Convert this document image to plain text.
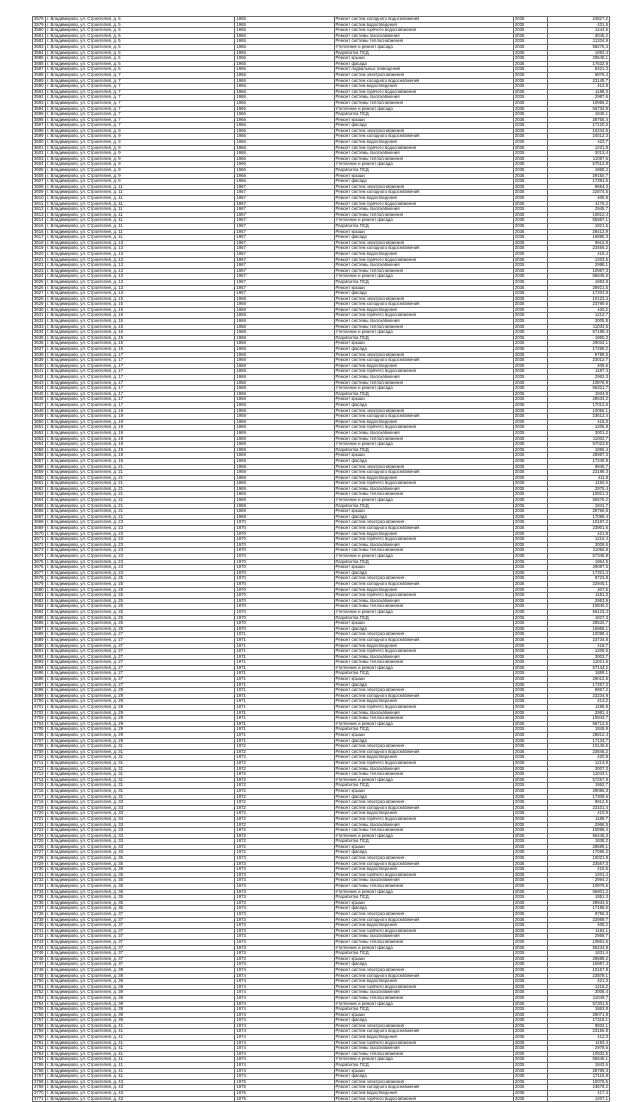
3578	г. Владимирово, ул. Строителей, д. 5	1965	Ремонт систем холодного водоснабжения	2035	24827,2
3579	г. Владимирово, ул. Строителей, д. 5	1965	Ремонт систем водоотведения	2035	431,5
3580	г. Владимирово, ул. Строителей, д. 5	1965	Ремонт систем горячего водоснабжения	2035	1244,5
3581	г. Владимирово, ул. Строителей, д. 5	1965	Ремонт системы газоснабжения	2035	3045,2
3582	г. Владимирово, ул. Строителей, д. 5	1965	Ремонт системы теплоснабжения	2035	11204,8
3583	г. Владимирово, ул. Строителей, д. 5	1965	Утепление и ремонт фасада	2035	58276,3
3584	г. Владимирово, ул. Строителей, д. 5	1965	Разработка ПСД	2035	1892,4
3585	г. Владимирово, ул. Строителей, д. 5	1965	Ремонт крыши	2035	29548,1
3586	г. Владимирово, ул. Строителей, д. 5	1965	Ремонт фасада	2035	17632,9
3587	г. Владимирово, ул. Строителей, д. 5	1965	Ремонт подвальных помещений	2035	5421,3
3588	г. Владимирово, ул. Строителей, д. 7	1966	Ремонт систем электроснабжения	2035	9876,4
3589	г. Владимирово, ул. Строителей, д. 7	1966	Ремонт систем холодного водоснабжения	2035	23145,7
3590	г. Владимирово, ул. Строителей, д. 7	1966	Ремонт систем водоотведения	2035	412,8
3591	г. Владимирово, ул. Строителей, д. 7	1966	Ремонт систем горячего водоснабжения	2035	1198,3
3592	г. Владимирово, ул. Строителей, д. 7	1966	Ремонт системы газоснабжения	2035	2987,6
3593	г. Владимирово, ул. Строителей, д. 7	1966	Ремонт системы теплоснабжения	2035	10956,2
3594	г. Владимирово, ул. Строителей, д. 7	1966	Утепление и ремонт фасада	2035	56734,9
3595	г. Владимирово, ул. Строителей, д. 7	1966	Разработка ПСД	2035	1845,1
3596	г. Владимирово, ул. Строителей, д. 7	1966	Ремонт крыши	2035	28765,4
3597	г. Владимирово, ул. Строителей, д. 7	1966	Ремонт фасада	2035	17120,5
3598	г. Владимирово, ул. Строителей, д. 9	1966	Ремонт систем электроснабжения	2035	10234,6
3599	г. Владимирово, ул. Строителей, д. 9	1966	Ремонт систем холодного водоснабжения	2035	24012,3
3600	г. Владимирово, ул. Строителей, д. 9	1966	Ремонт систем водоотведения	2035	423,7
3601	г. Владимирово, ул. Строителей, д. 9	1966	Ремонт систем горячего водоснабжения	2035	1221,9
3602	г. Владимирово, ул. Строителей, д. 9	1966	Ремонт системы газоснабжения	2035	3012,4
3603	г. Владимирово, ул. Строителей, д. 9	1966	Ремонт системы теплоснабжения	2035	11087,6
3604	г. Владимирово, ул. Строителей, д. 9	1966	Утепление и ремонт фасада	2035	57512,8
3605	г. Владимирово, ул. Строителей, д. 9	1966	Разработка ПСД	2035	1868,2
3606	г. Владимирово, ул. Строителей, д. 9	1966	Ремонт крыши	2035	29150,7
3607	г. Владимирово, ул. Строителей, д. 9	1966	Ремонт фасада	2035	17381,6
3608	г. Владимирово, ул. Строителей, д. 11	1967	Ремонт систем электроснабжения	2035	9654,3
3609	г. Владимирово, ул. Строителей, д. 11	1967	Ремонт систем холодного водоснабжения	2035	22874,5
3610	г. Владимирово, ул. Строителей, д. 11	1967	Ремонт систем водоотведения	2035	405,9
3611	г. Владимирово, ул. Строителей, д. 11	1967	Ремонт систем горячего водоснабжения	2035	1176,2
3612	г. Владимирово, ул. Строителей, д. 11	1967	Ремонт системы газоснабжения	2035	2945,7
3613	г. Владимирово, ул. Строителей, д. 11	1967	Ремонт системы теплоснабжения	2035	10812,4
3614	г. Владимирово, ул. Строителей, д. 11	1967	Утепление и ремонт фасада	2035	55987,1
3615	г. Владимирово, ул. Строителей, д. 11	1967	Разработка ПСД	2035	1821,6
3616	г. Владимирово, ул. Строителей, д. 11	1967	Ремонт крыши	2035	28412,9
3617	г. Владимирово, ул. Строителей, д. 11	1967	Ремонт фасада	2035	16895,3
3618	г. Владимирово, ул. Строителей, д. 13	1967	Ремонт систем электроснабжения	2035	9912,8
3619	г. Владимирово, ул. Строителей, д. 13	1967	Ремонт систем холодного водоснабжения	2035	23456,2
3620	г. Владимирово, ул. Строителей, д. 13	1967	Ремонт систем водоотведения	2035	418,4
3621	г. Владимирово, ул. Строителей, д. 13	1967	Ремонт систем горячего водоснабжения	2035	1203,6
3622	г. Владимирово, ул. Строителей, д. 13	1967	Ремонт системы газоснабжения	2035	2998,1
3623	г. Владимирово, ул. Строителей, д. 13	1967	Ремонт системы теплоснабжения	2035	10987,3
3624	г. Владимирово, ул. Строителей, д. 13	1967	Утепление и ремонт фасада	2035	56845,6
3625	г. Владимирово, ул. Строителей, д. 13	1967	Разработка ПСД	2035	1853,9
3626	г. Владимирово, ул. Строителей, д. 13	1967	Ремонт крыши	2035	28921,5
3627	г. Владимирово, ул. Строителей, д. 13	1967	Ремонт фасада	2035	17204,8
3628	г. Владимирово, ул. Строителей, д. 15	1968	Ремонт систем электроснабжения	2035	10123,4
3629	г. Владимирово, ул. Строителей, д. 15	1968	Ремонт систем холодного водоснабжения	2035	23789,6
3630	г. Владимирово, ул. Строителей, д. 15	1968	Ремонт систем водоотведения	2035	420,2
3631	г. Владимирово, ул. Строителей, д. 15	1968	Ремонт систем горячего водоснабжения	2035	1212,7
3632	г. Владимирово, ул. Строителей, д. 15	1968	Ремонт системы газоснабжения	2035	3005,8
3633	г. Владимирово, ул. Строителей, д. 15	1968	Ремонт системы теплоснабжения	2035	11034,5
3634	г. Владимирово, ул. Строителей, д. 15	1968	Утепление и ремонт фасада	2035	57198,4
3635	г. Владимирово, ул. Строителей, д. 15	1968	Разработка ПСД	2035	1860,3
3636	г. Владимирово, ул. Строителей, д. 15	1968	Ремонт крыши	2035	29034,1
3637	г. Владимирово, ул. Строителей, д. 15	1968	Ремонт фасада	2035	17298,2
3638	г. Владимирово, ул. Строителей, д. 17	1968	Ремонт систем электроснабжения	2035	9789,5
3639	г. Владимирово, ул. Строителей, д. 17	1968	Ремонт систем холодного водоснабжения	2035	23012,7
3640	г. Владимирово, ул. Строителей, д. 17	1968	Ремонт систем водоотведения	2035	409,6
3641	г. Владимирово, ул. Строителей, д. 17	1968	Ремонт систем горячего водоснабжения	2035	1187,4
3642	г. Владимирово, ул. Строителей, д. 17	1968	Ремонт системы газоснабжения	2035	2962,3
3643	г. Владимирово, ул. Строителей, д. 17	1968	Ремонт системы теплоснабжения	2035	10876,9
3644	г. Владимирово, ул. Строителей, д. 17	1968	Утепление и ремонт фасада	2035	56321,7
3645	г. Владимирово, ул. Строителей, д. 17	1968	Разработка ПСД	2035	1834,8
3646	г. Владимирово, ул. Строителей, д. 17	1968	Ремонт крыши	2035	28634,2
3647	г. Владимирово, ул. Строителей, д. 17	1968	Ремонт фасада	2035	17012,6
3648	г. Владимирово, ул. Строителей, д. 19	1969	Ремонт систем электроснабжения	2035	10056,1
3649	г. Владимирово, ул. Строителей, д. 19	1969	Ремонт систем холодного водоснабжения	2035	23612,4
3650	г. Владимирово, ул. Строителей, д. 19	1969	Ремонт систем водоотведения	2035	416,3
3651	г. Владимирово, ул. Строителей, д. 19	1969	Ремонт систем горячего водоснабжения	2035	1205,8
3652	г. Владимирово, ул. Строителей, д. 19	1969	Ремонт системы газоснабжения	2035	3001,2
3653	г. Владимирово, ул. Строителей, д. 19	1969	Ремонт системы теплоснабжения	2035	11002,7
3654	г. Владимирово, ул. Строителей, д. 19	1969	Утепление и ремонт фасада	2035	57023,5
3655	г. Владимирово, ул. Строителей, д. 19	1969	Разработка ПСД	2035	1856,4
3656	г. Владимирово, ул. Строителей, д. 19	1969	Ремонт крыши	2035	28987,3
3657	г. Владимирово, ул. Строителей, д. 19	1969	Ремонт фасада	2035	17245,9
3658	г. Владимирово, ул. Строителей, д. 21	1969	Ремонт систем электроснабжения	2035	9845,7
3659	г. Владимирово, ул. Строителей, д. 21	1969	Ремонт систем холодного водоснабжения	2035	23198,3
3660	г. Владимирово, ул. Строителей, д. 21	1969	Ремонт систем водоотведения	2035	411,8
3661	г. Владимирово, ул. Строителей, д. 21	1969	Ремонт систем горячего водоснабжения	2035	1192,6
3662	г. Владимирово, ул. Строителей, д. 21	1969	Ремонт системы газоснабжения	2035	2975,4
3663	г. Владимирово, ул. Строителей, д. 21	1969	Ремонт системы теплоснабжения	2035	10921,3
3664	г. Владимирово, ул. Строителей, д. 21	1969	Утепление и ремонт фасада	2035	56578,2
3665	г. Владимирово, ул. Строителей, д. 21	1969	Разработка ПСД	2035	1841,7
3666	г. Владимирово, ул. Строителей, д. 21	1969	Ремонт крыши	2035	28756,8
3667	г. Владимирово, ул. Строителей, д. 21	1969	Ремонт фасада	2035	17098,4
3668	г. Владимирово, ул. Строителей, д. 23	1970	Ремонт систем электроснабжения	2035	10187,2
3669	г. Владимирово, ул. Строителей, д. 23	1970	Ремонт систем холодного водоснабжения	2035	23901,6
3670	г. Владимирово, ул. Строителей, д. 23	1970	Ремонт систем водоотведения	2035	421,9
3671	г. Владимирово, ул. Строителей, д. 23	1970	Ремонт систем горячего водоснабжения	2035	1216,4
3672	г. Владимирово, ул. Строителей, д. 23	1970	Ремонт системы газоснабжения	2035	3009,6
3673	г. Владимирово, ул. Строителей, д. 23	1970	Ремонт системы теплоснабжения	2035	11056,8
3674	г. Владимирово, ул. Строителей, д. 23	1970	Утепление и ремонт фасада	2035	57345,9
3675	г. Владимирово, ул. Строителей, д. 23	1970	Разработка ПСД	2035	1864,5
3676	г. Владимирово, ул. Строителей, д. 23	1970	Ремонт крыши	2035	29087,6
3677	г. Владимирово, ул. Строителей, д. 23	1970	Ремонт фасада	2035	17321,4
3678	г. Владимирово, ул. Строителей, д. 25	1970	Ремонт систем электроснабжения	2035	9723,8
3679	г. Владимирово, ул. Строителей, д. 25	1970	Ремонт систем холодного водоснабжения	2035	22945,1
3680	г. Владимирово, ул. Строителей, д. 25	1970	Ремонт систем водоотведения	2035	407,5
3681	г. Владимирово, ул. Строителей, д. 25	1970	Ремонт систем горячего водоснабжения	2035	1181,3
3682	г. Владимирово, ул. Строителей, д. 25	1970	Ремонт системы газоснабжения	2035	2953,9
3683	г. Владимирово, ул. Строителей, д. 25	1970	Ремонт системы теплоснабжения	2035	10845,2
3684	г. Владимирово, ул. Строителей, д. 25	1970	Утепление и ремонт фасада	2035	56123,4
3685	г. Владимирово, ул. Строителей, д. 25	1970	Разработка ПСД	2035	1827,3
3686	г. Владимирово, ул. Строителей, д. 25	1970	Ремонт крыши	2035	28534,7
3687	г. Владимирово, ул. Строителей, д. 25	1970	Ремонт фасада	2035	16956,1
3688	г. Владимирово, ул. Строителей, д. 27	1971	Ремонт систем электроснабжения	2035	10098,4
3689	г. Владимирово, ул. Строителей, д. 27	1971	Ремонт систем холодного водоснабжения	2035	23734,8
3690	г. Владимирово, ул. Строителей, д. 27	1971	Ремонт систем водоотведения	2035	418,7
3691	г. Владимирово, ул. Строителей, д. 27	1971	Ремонт систем горячего водоснабжения	2035	1209,5
3692	г. Владимирово, ул. Строителей, д. 27	1971	Ремонт системы газоснабжения	2035	3003,7
3693	г. Владимирово, ул. Строителей, д. 27	1971	Ремонт системы теплоснабжения	2035	11021,6
3694	г. Владимирово, ул. Строителей, д. 27	1971	Утепление и ремонт фасада	2035	57134,2
3695	г. Владимирово, ул. Строителей, д. 27	1971	Разработка ПСД	2035	1859,1
3696	г. Владимирово, ул. Строителей, д. 27	1971	Ремонт крыши	2035	29012,5
3697	г. Владимирово, ул. Строителей, д. 27	1971	Ремонт фасада	2035	17267,3
3698	г. Владимирово, ул. Строителей, д. 29	1971	Ремонт систем электроснабжения	2035	9867,2
3699	г. Владимирово, ул. Строителей, д. 29	1971	Ремонт систем холодного водоснабжения	2035	23234,9
3700	г. Владимирово, ул. Строителей, д. 29	1971	Ремонт систем водоотведения	2035	413,2
3701	г. Владимирово, ул. Строителей, д. 29	1971	Ремонт систем горячего водоснабжения	2035	1195,8
3702	г. Владимирово, ул. Строителей, д. 29	1971	Ремонт системы газоснабжения	2035	2981,4
3703	г. Владимирово, ул. Строителей, д. 29	1971	Ремонт системы теплоснабжения	2035	10943,7
3704	г. Владимирово, ул. Строителей, д. 29	1971	Утепление и ремонт фасада	2035	56712,6
3705	г. Владимирово, ул. Строителей, д. 29	1971	Разработка ПСД	2035	1845,9
3706	г. Владимирово, ул. Строителей, д. 29	1971	Ремонт крыши	2035	28812,4
3707	г. Владимирово, ул. Строителей, д. 29	1971	Ремонт фасада	2035	17134,7
3708	г. Владимирово, ул. Строителей, д. 31	1972	Ремонт систем электроснабжения	2035	10145,6
3709	г. Владимирово, ул. Строителей, д. 31	1972	Ремонт систем холодного водоснабжения	2035	23845,2
3710	г. Владимирово, ул. Строителей, д. 31	1972	Ремонт систем водоотведения	2035	420,8
3711	г. Владимирово, ул. Строителей, д. 31	1972	Ремонт систем горячего водоснабжения	2035	1213,9
3712	г. Владимирово, ул. Строителей, д. 31	1972	Ремонт системы газоснабжения	2035	3007,3
3713	г. Владимирово, ул. Строителей, д. 31	1972	Ремонт системы теплоснабжения	2035	11043,1
3714	г. Владимирово, ул. Строителей, д. 31	1972	Утепление и ремонт фасада	2035	57267,8
3715	г. Владимирово, ул. Строителей, д. 31	1972	Разработка ПСД	2035	1862,7
3716	г. Владимирово, ул. Строителей, д. 31	1972	Ремонт крыши	2035	29056,3
3717	г. Владимирово, ул. Строителей, д. 31	1972	Ремонт фасада	2035	17309,6
3718	г. Владимирово, ул. Строителей, д. 33	1972	Ремонт систем электроснабжения	2035	9812,5
3719	г. Владимирово, ул. Строителей, д. 33	1972	Ремонт систем холодного водоснабжения	2035	23101,4
3720	г. Владимирово, ул. Строителей, д. 33	1972	Ремонт систем водоотведения	2035	410,9
3721	г. Владимирово, ул. Строителей, д. 33	1972	Ремонт систем горячего водоснабжения	2035	1189,7
3722	г. Владимирово, ул. Строителей, д. 33	1972	Ремонт системы газоснабжения	2035	2968,5
3723	г. Владимирово, ул. Строителей, д. 33	1972	Ремонт системы теплоснабжения	2035	10898,4
3724	г. Владимирово, ул. Строителей, д. 33	1972	Утепление и ремонт фасада	2035	56445,3
3725	г. Владимирово, ул. Строителей, д. 33	1972	Разработка ПСД	2035	1838,2
3726	г. Владимирово, ул. Строителей, д. 33	1972	Ремонт крыши	2035	28689,1
3727	г. Владимирово, ул. Строителей, д. 33	1972	Ремонт фасада	2035	17056,2
3728	г. Владимирово, ул. Строителей, д. 35	1973	Ремонт систем электроснабжения	2035	10021,9
3729	г. Владимирово, ул. Строителей, д. 35	1973	Ремонт систем холодного водоснабжения	2035	23567,3
3730	г. Владимирово, ул. Строителей, д. 35	1973	Ремонт систем водоотведения	2035	415,6
3731	г. Владимирово, ул. Строителей, д. 35	1973	Ремонт систем горячего водоснабжения	2035	1201,4
3732	г. Владимирово, ул. Строителей, д. 35	1973	Ремонт системы газоснабжения	2035	2994,2
3733	г. Владимирово, ул. Строителей, д. 35	1973	Ремонт системы теплоснабжения	2035	10978,5
3734	г. Владимирово, ул. Строителей, д. 35	1973	Утепление и ремонт фасада	2035	56901,2
3735	г. Владимирово, ул. Строителей, д. 35	1973	Разработка ПСД	2035	1851,3
3736	г. Владимирово, ул. Строителей, д. 35	1973	Ремонт крыши	2035	28934,6
3737	г. Владимирово, ул. Строителей, д. 35	1973	Ремонт фасада	2035	17198,5
3738	г. Владимирово, ул. Строителей, д. 37	1973	Ремонт систем электроснабжения	2035	9756,3
3739	г. Владимирово, ул. Строителей, д. 37	1973	Ремонт систем холодного водоснабжения	2035	22989,7
3740	г. Владимирово, ул. Строителей, д. 37	1973	Ремонт систем водоотведения	2035	408,2
3741	г. Владимирово, ул. Строителей, д. 37	1973	Ремонт систем горячего водоснабжения	2035	1184,1
3742	г. Владимирово, ул. Строителей, д. 37	1973	Ремонт системы газоснабжения	2035	2958,7
3743	г. Владимирово, ул. Строителей, д. 37	1973	Ремонт системы теплоснабжения	2035	10861,6
3744	г. Владимирово, ул. Строителей, д. 37	1973	Утепление и ремонт фасада	2035	56234,8
3745	г. Владимирово, ул. Строителей, д. 37	1973	Разработка ПСД	2035	1831,4
3746	г. Владимирово, ул. Строителей, д. 37	1973	Ремонт крыши	2035	28598,2
3747	г. Владимирово, ул. Строителей, д. 37	1973	Ремонт фасада	2035	16987,4
3748	г. Владимирово, ул. Строителей, д. 39	1974	Ремонт систем электроснабжения	2035	10167,8
3749	г. Владимирово, ул. Строителей, д. 39	1974	Ремонт систем холодного водоснабжения	2035	23878,1
3750	г. Владимирово, ул. Строителей, д. 39	1974	Ремонт систем водоотведения	2035	421,3
3751	г. Владимирово, ул. Строителей, д. 39	1974	Ремонт систем горячего водоснабжения	2035	1215,2
3752	г. Владимирово, ул. Строителей, д. 39	1974	Ремонт системы газоснабжения	2035	3008,4
3753	г. Владимирово, ул. Строителей, д. 39	1974	Ремонт системы теплоснабжения	2035	11049,7
3754	г. Владимирово, ул. Строителей, д. 39	1974	Утепление и ремонт фасада	2035	57301,5
3755	г. Владимирово, ул. Строителей, д. 39	1974	Разработка ПСД	2035	1863,8
3756	г. Владимирово, ул. Строителей, д. 39	1974	Ремонт крыши	2035	29071,9
3757	г. Владимирово, ул. Строителей, д. 39	1974	Ремонт фасада	2035	17315,1
3758	г. Владимирово, ул. Строителей, д. 41	1974	Ремонт систем электроснабжения	2035	9834,1
3759	г. Владимирово, ул. Строителей, д. 41	1974	Ремонт систем холодного водоснабжения	2035	23156,8
3760	г. Владимирово, ул. Строителей, д. 41	1974	Ремонт систем водоотведения	2035	412,3
3761	г. Владимирово, ул. Строителей, д. 41	1974	Ремонт систем горячего водоснабжения	2035	1193,4
3762	г. Владимирово, ул. Строителей, д. 41	1974	Ремонт системы газоснабжения	2035	2978,6
3763	г. Владимирово, ул. Строителей, д. 41	1974	Ремонт системы теплоснабжения	2035	10932,5
3764	г. Владимирово, ул. Строителей, д. 41	1974	Утепление и ремонт фасада	2035	56645,1
3765	г. Владимирово, ул. Строителей, д. 41	1974	Разработка ПСД	2035	1843,6
3766	г. Владимирово, ул. Строителей, д. 41	1974	Ремонт крыши	2035	28789,3
3767	г. Владимирово, ул. Строителей, д. 41	1974	Ремонт фасада	2035	17115,8
3768	г. Владимирово, ул. Строителей, д. 43	1975	Ремонт систем электроснабжения	2035	10076,5
3769	г. Владимирово, ул. Строителей, д. 43	1975	Ремонт систем холодного водоснабжения	2035	23678,2
3770	г. Владимирово, ул. Строителей, д. 43	1975	Ремонт систем водоотведения	2035	417,4
3771	г. Владимирово, ул. Строителей, д. 43	1975	Ремонт систем горячего водоснабжения	2035	1207,1
